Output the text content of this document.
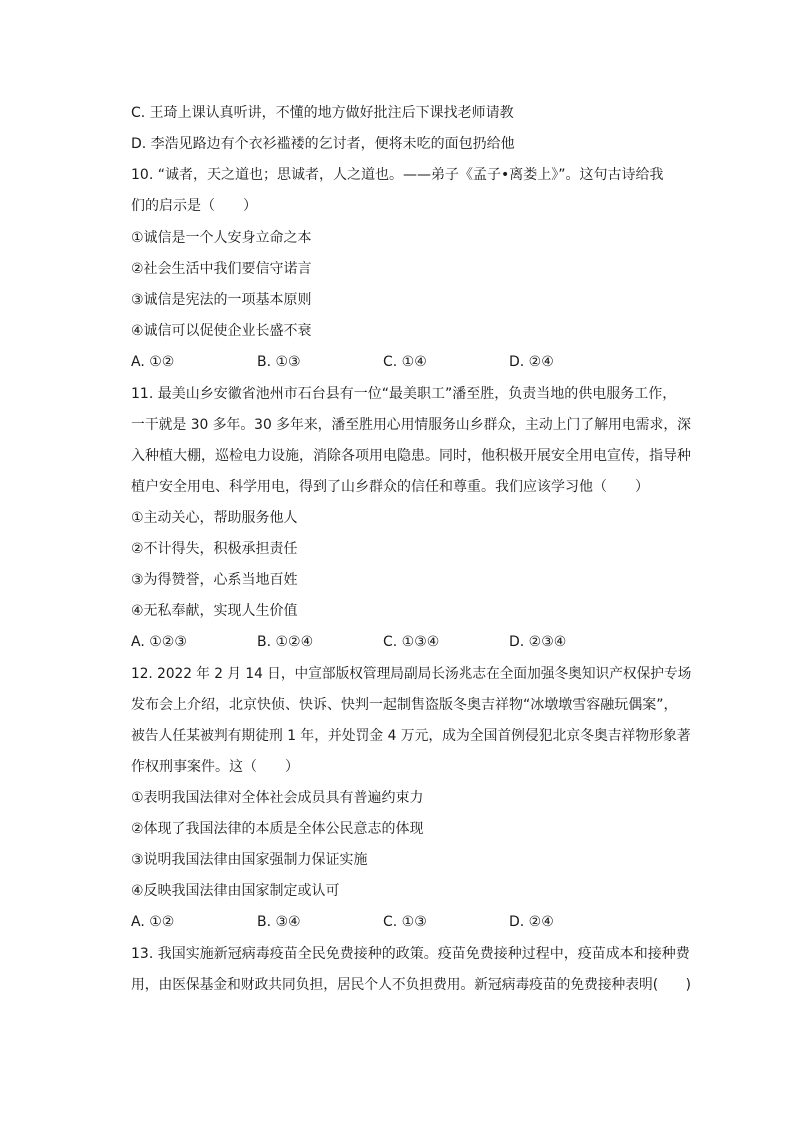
C. 王琦上课认真听讲，不懂的地方做好批注后下课找老师请教
D. 李浩见路边有个衣衫褴褛的乞讨者，便将未吃的面包扔给他
10. “诚者，天之道也；思诚者，人之道也。——弟子《孟子•离娄上》”。这句古诗给我
们的启示是（　　）
①诚信是一个人安身立命之本
②社会生活中我们要信守诺言
③诚信是宪法的一项基本原则
④诚信可以促使企业长盛不衰
A. ①②	B. ①③	C. ①④	D. ②④
11. 最美山乡安徽省池州市石台县有一位“最美职工”潘至胜，负责当地的供电服务工作，
一干就是 30 多年。30 多年来，潘至胜用心用情服务山乡群众，主动上门了解用电需求，深
入种植大棚，巡检电力设施，消除各项用电隐患。同时，他积极开展安全用电宣传，指导种
植户安全用电、科学用电，得到了山乡群众的信任和尊重。我们应该学习他（　　）
①主动关心，帮助服务他人
②不计得失，积极承担责任
③为得赞誉，心系当地百姓
④无私奉献，实现人生价值
A. ①②③	B. ①②④	C. ①③④	D. ②③④
12. 2022 年 2 月 14 日，中宣部版权管理局副局长汤兆志在全面加强冬奥知识产权保护专场
发布会上介绍，北京快侦、快诉、快判一起制售盗版冬奥吉祥物“冰墩墩雪容融玩偶案”，
被告人任某被判有期徒刑 1 年，并处罚金 4 万元，成为全国首例侵犯北京冬奥吉祥物形象著
作权刑事案件。这（　　）
①表明我国法律对全体社会成员具有普遍约束力
②体现了我国法律的本质是全体公民意志的体现
③说明我国法律由国家强制力保证实施
④反映我国法律由国家制定或认可
A. ①②	B. ③④	C. ①③	D. ②④
13. 我国实施新冠病毒疫苗全民免费接种的政策。疫苗免费接种过程中，疫苗成本和接种费
用，由医保基金和财政共同负担，居民个人不负担费用。新冠病毒疫苗的免费接种表明(　　)
